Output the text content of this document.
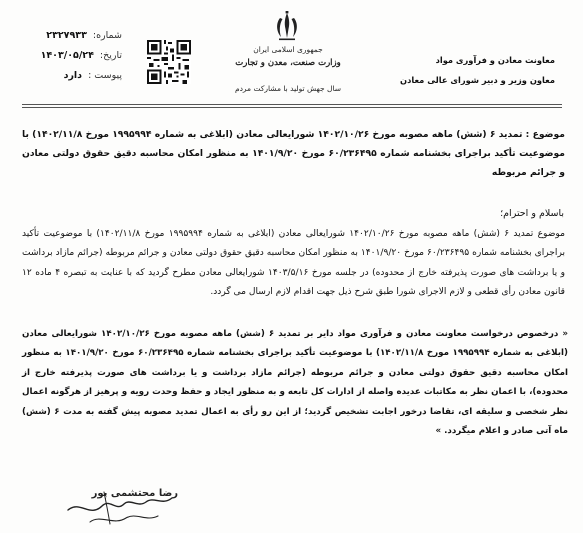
شماره:
۲۳۲۷۹۳۳
تاریخ:
۱۴۰۳/۰۵/۲۴
پیوست :
دارد
جمهوری اسلامی ایران
وزارت صنعت، معدن و تجارت
سال جهش تولید با مشارکت مردم
معاونت معادن و فرآوری مواد
معاون وزیر و دبیر شورای عالی معادن
موضوع : تمدید ۶ (شش) ماهه مصوبه مورخ ۱۴۰۲/۱۰/۲۶ شورایعالی معادن (ابلاغی به شماره ۱۹۹۵۹۹۴ مورخ ۱۴۰۲/۱۱/۸) با موضوعیت تأکید براجرای بخشنامه شماره ۶۰/۲۳۶۴۹۵ مورخ ۱۴۰۱/۹/۲۰ به منظور امکان محاسبه دقیق حقوق دولتی معادن و جرائم مربوطه
باسلام و احترام؛
موضوع تمدید ۶ (شش) ماهه مصوبه مورخ ۱۴۰۲/۱۰/۲۶ شورایعالی معادن (ابلاغی به شماره ۱۹۹۵۹۹۴ مورخ ۱۴۰۲/۱۱/۸) با موضوعیت تأکید براجرای بخشنامه شماره ۶۰/۲۳۶۴۹۵ مورخ ۱۴۰۱/۹/۲۰ به منظور امکان محاسبه دقیق حقوق دولتی معادن و جرائم مربوطه (جرائم مازاد برداشت و یا برداشت های صورت پذیرفته خارج از محدوده) در جلسه مورخ ۱۴۰۳/۵/۱۶ شورایعالی معادن مطرح گردید که با عنایت به تبصره ۴ ماده ۱۲ قانون معادن رأی قطعی و لازم الاجرای شورا طبق شرح ذیل جهت اقدام لازم ارسال می گردد.
« درخصوص درخواست معاونت معادن و فرآوری مواد دایر بر تمدید ۶ (شش) ماهه مصوبه مورخ ۱۴۰۲/۱۰/۲۶ شورایعالی معادن (ابلاغی به شماره ۱۹۹۵۹۹۴ مورخ ۱۴۰۲/۱۱/۸) با موضوعیت تأکید براجرای بخشنامه شماره ۶۰/۲۳۶۴۹۵ مورخ ۱۴۰۱/۹/۲۰ به منظور امکان محاسبه دقیق حقوق دولتی معادن و جرائم مربوطه (جرائم مازاد برداشت و یا برداشت های صورت پذیرفته خارج از محدوده)، با اعمان نظر به مکاتبات عدیده واصله از ادارات کل تابعه و به منظور ایجاد و حفظ وحدت رویه و پرهیز از هرگونه اعمال نظر شخصی و سلیقه ای، تقاضا درخور اجابت تشخیص گردید؛ از این رو رأی به اعمال تمدید مصوبه پیش گفته به مدت ۶ (شش) ماه آتی صادر و اعلام میگردد. »
رضا محتشمی پور
